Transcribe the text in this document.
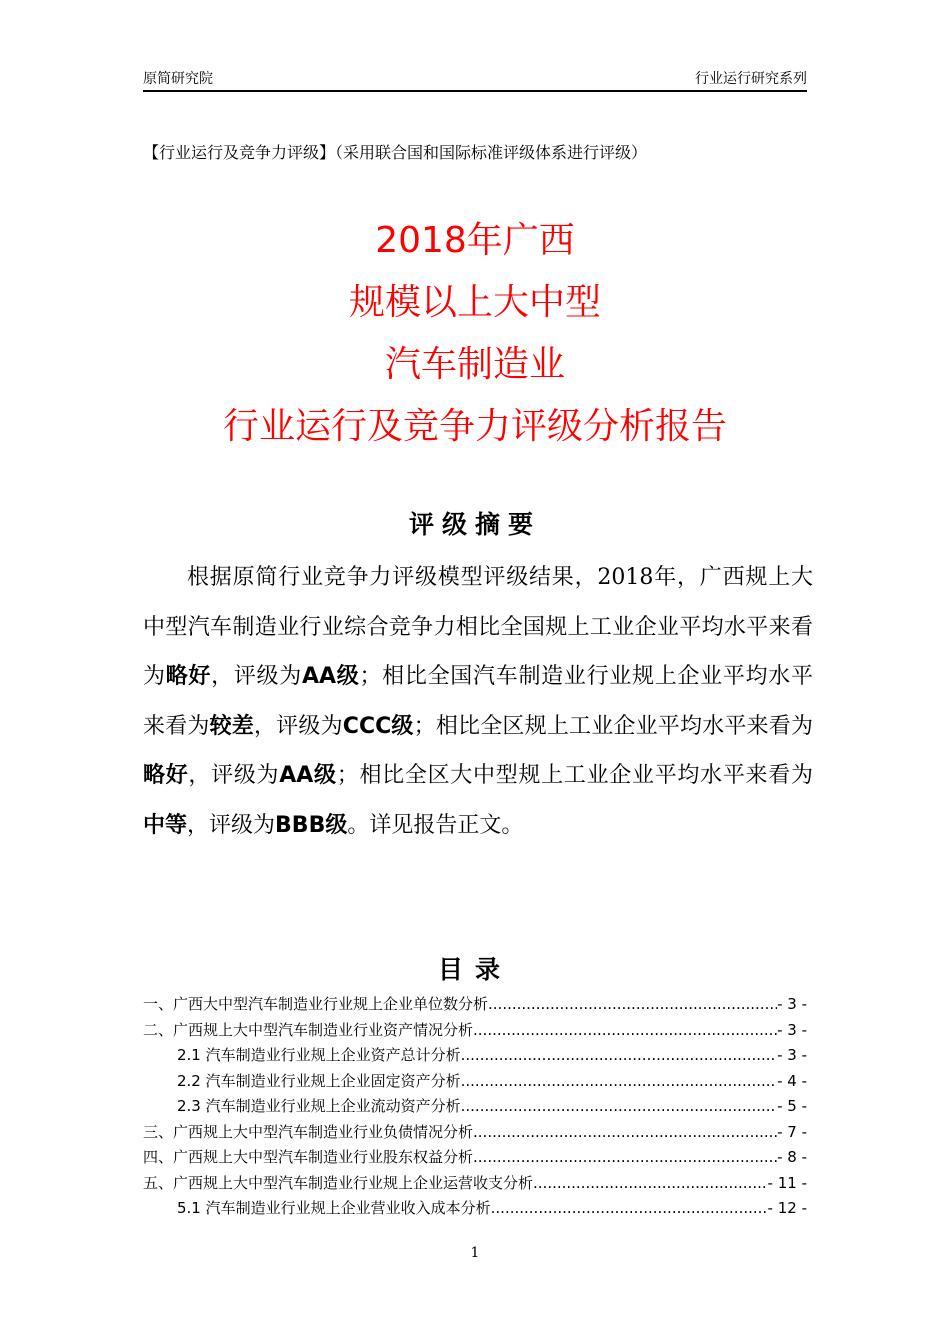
原简研究院	行业运行研究系列
【行业运行及竞争力评级】（采用联合国和国际标准评级体系进行评级）
2018年广西
规模以上大中型
汽车制造业
行业运行及竞争力评级分析报告
评级摘要

根据原简行业竞争力评级模型评级结果，2018年，广西规上大中型汽车制造业行业综合竞争力相比全国规上工业企业平均水平来看为略好，评级为AA级；相比全国汽车制造业行业规上企业平均水平来看为较差，评级为CCC级；相比全区规上工业企业平均水平来看为略好，评级为AA级；相比全区大中型规上工业企业平均水平来看为中等，评级为BBB级。详见报告正文。

目录
一、广西大中型汽车制造业行业规上企业单位数分析 .....	- 3 -
二、广西规上大中型汽车制造业行业资产情况分析 .....	- 3 -
2.1 汽车制造业行业规上企业资产总计分析 .....	- 3 -
2.2 汽车制造业行业规上企业固定资产分析 .....	- 4 -
2.3 汽车制造业行业规上企业流动资产分析 .....	- 5 -
三、广西规上大中型汽车制造业行业负债情况分析 .....	- 7 -
四、广西规上大中型汽车制造业行业股东权益分析 .....	- 8 -
五、广西规上大中型汽车制造业行业规上企业运营收支分析 .....	- 11 -
5.1 汽车制造业行业规上企业营业收入成本分析 .....	- 12 -
1
